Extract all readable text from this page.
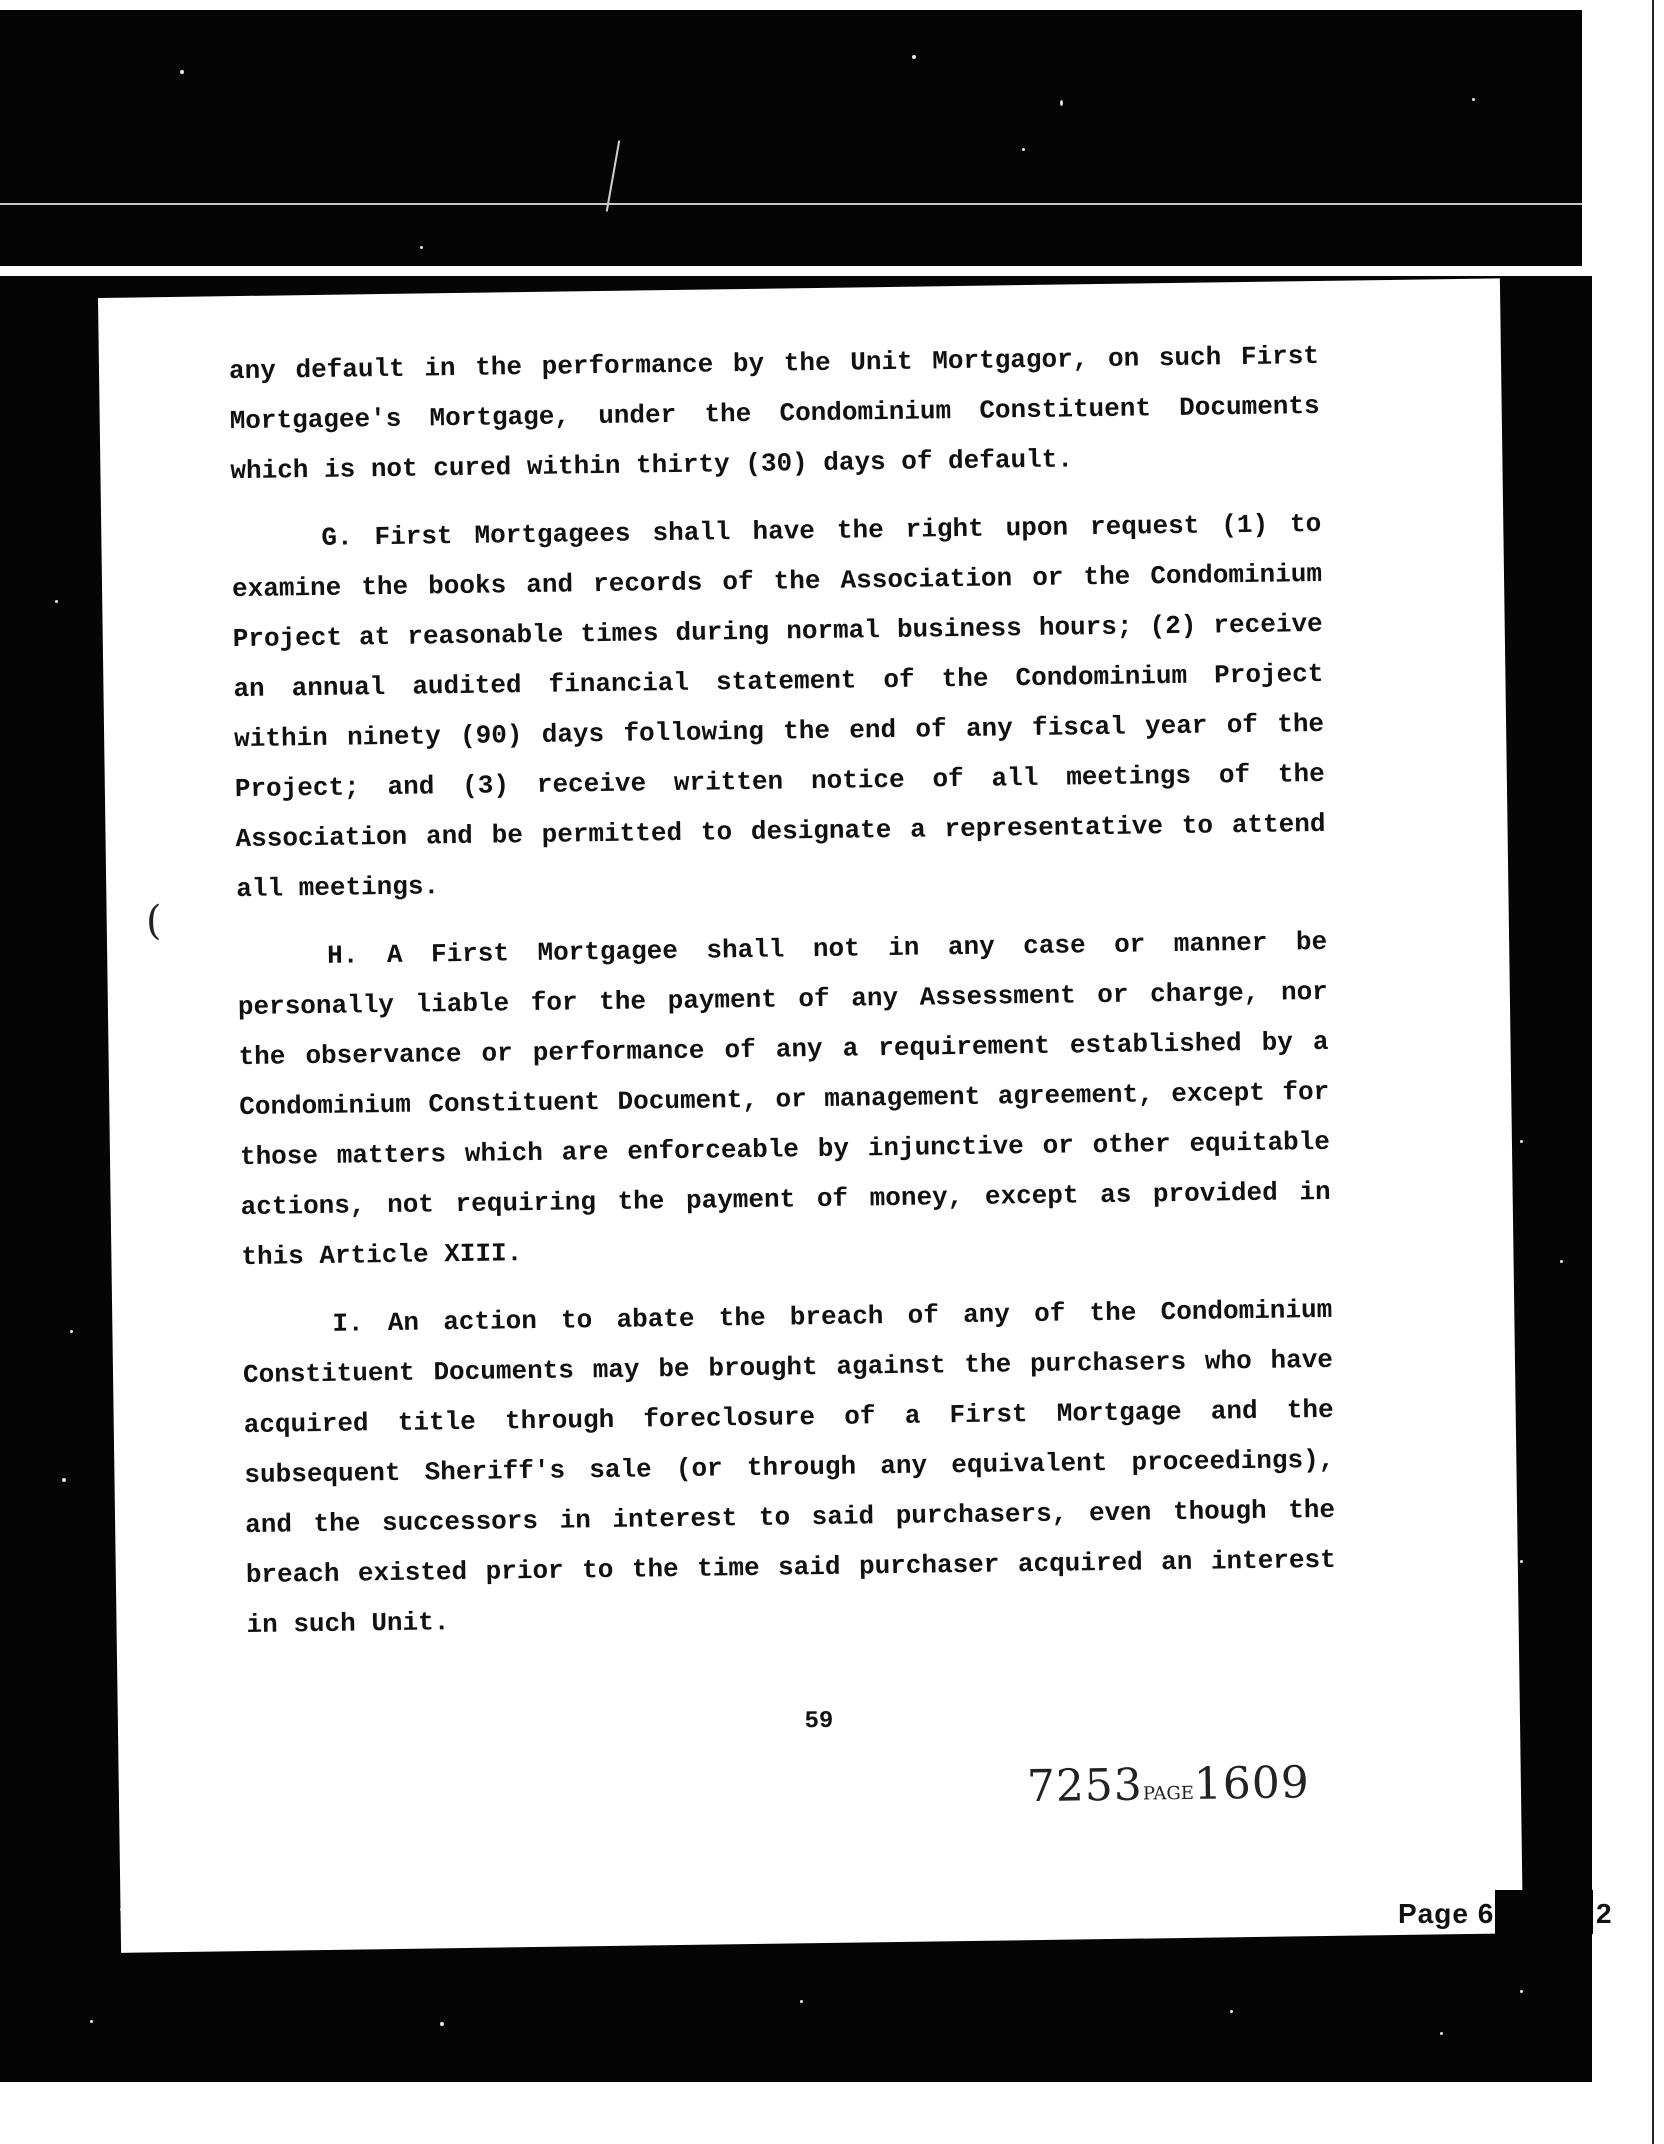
any default in the performance by the Unit Mortgagor, on such First Mortgagee's Mortgage, under the Condominium Constituent Documents which is not cured within thirty (30) days of default.

G. First Mortgagees shall have the right upon request (1) to examine the books and records of the Association or the Condominium Project at reasonable times during normal business hours; (2) receive an annual audited financial statement of the Condominium Project within ninety (90) days following the end of any fiscal year of the Project; and (3) receive written notice of all meetings of the Association and be permitted to designate a representative to attend all meetings.

H. A First Mortgagee shall not in any case or manner be personally liable for the payment of any Assessment or charge, nor the observance or performance of any a requirement established by a Condominium Constituent Document, or management agreement, except for those matters which are enforceable by injunctive or other equitable actions, not requiring the payment of money, except as provided in this Article XIII.

I. An action to abate the breach of any of the Condominium Constituent Documents may be brought against the purchasers who have acquired title through foreclosure of a First Mortgage and the subsequent Sheriff's sale (or through any equivalent proceedings), and the successors in interest to said purchasers, even though the breach existed prior to the time said purchaser acquired an interest in such Unit.

59
7253PAGE1609
(
Page 6	2
